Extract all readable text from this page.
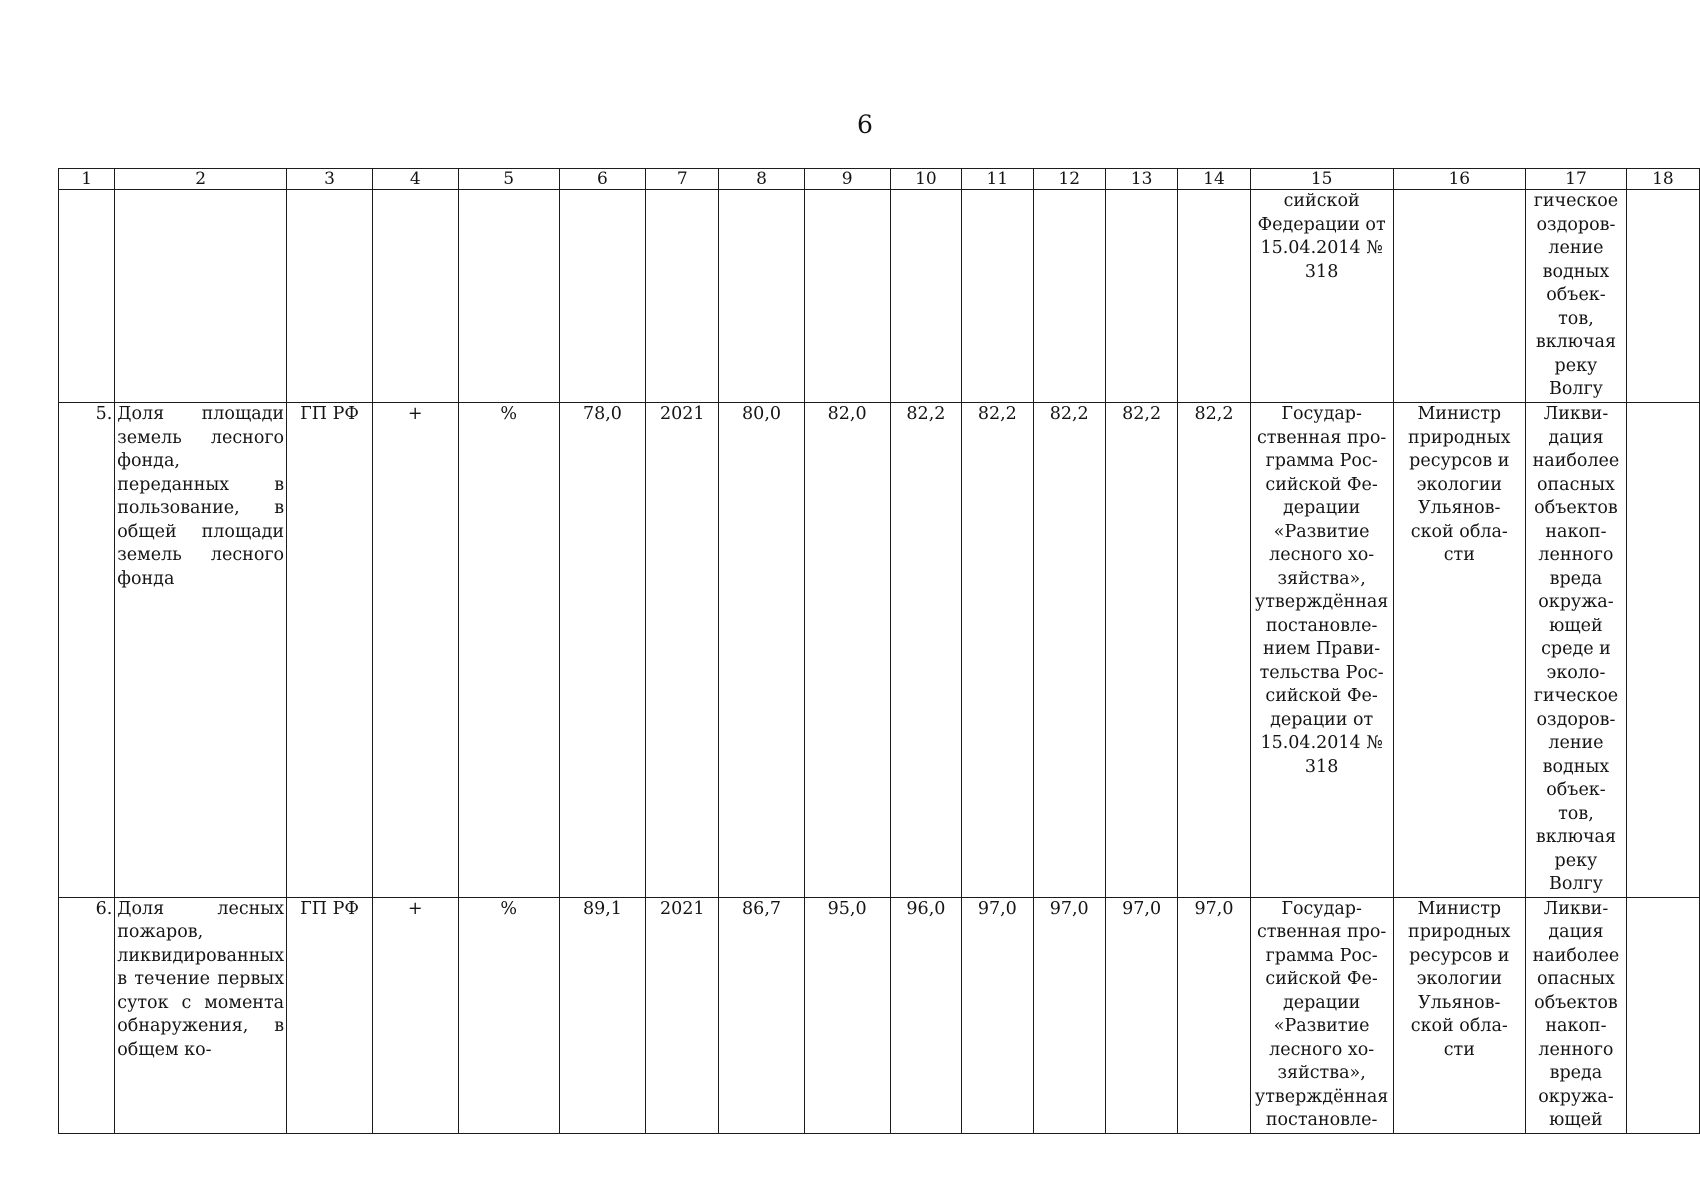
6
1	2	3	4	5	6	7	8	9	10	11	12	13	14	15	16	17	18
														сийской Федерации от 15.04.2014 № 318		гическое оздоров- ление водных объек- тов, включая реку Волгу	
5.	Доля площади земель лесного фонда, переданных в пользование, в общей площади земель лесного фонда	ГП РФ	+	%	78,0	2021	80,0	82,0	82,2	82,2	82,2	82,2	82,2	Государ- ственная про- грамма Рос- сийской Фе- дерации «Развитие лесного хо- зяйства», утверждённая постановле- нием Прави- тельства Рос- сийской Фе- дерации от 15.04.2014 № 318	Министр природных ресурсов и экологии Ульянов- ской обла- сти	Ликви- дация наиболее опасных объектов накоп- ленного вреда окружа- ющей среде и эколо- гическое оздоров- ление водных объек- тов, включая реку Волгу	
6.	Доля лесных пожаров, ликвидированных в течение первых суток с момента обнаружения, в общем ко-	ГП РФ	+	%	89,1	2021	86,7	95,0	96,0	97,0	97,0	97,0	97,0	Государ- ственная про- грамма Рос- сийской Фе- дерации «Развитие лесного хо- зяйства», утверждённая постановле-	Министр природных ресурсов и экологии Ульянов- ской обла- сти	Ликви- дация наиболее опасных объектов накоп- ленного вреда окружа- ющей	
